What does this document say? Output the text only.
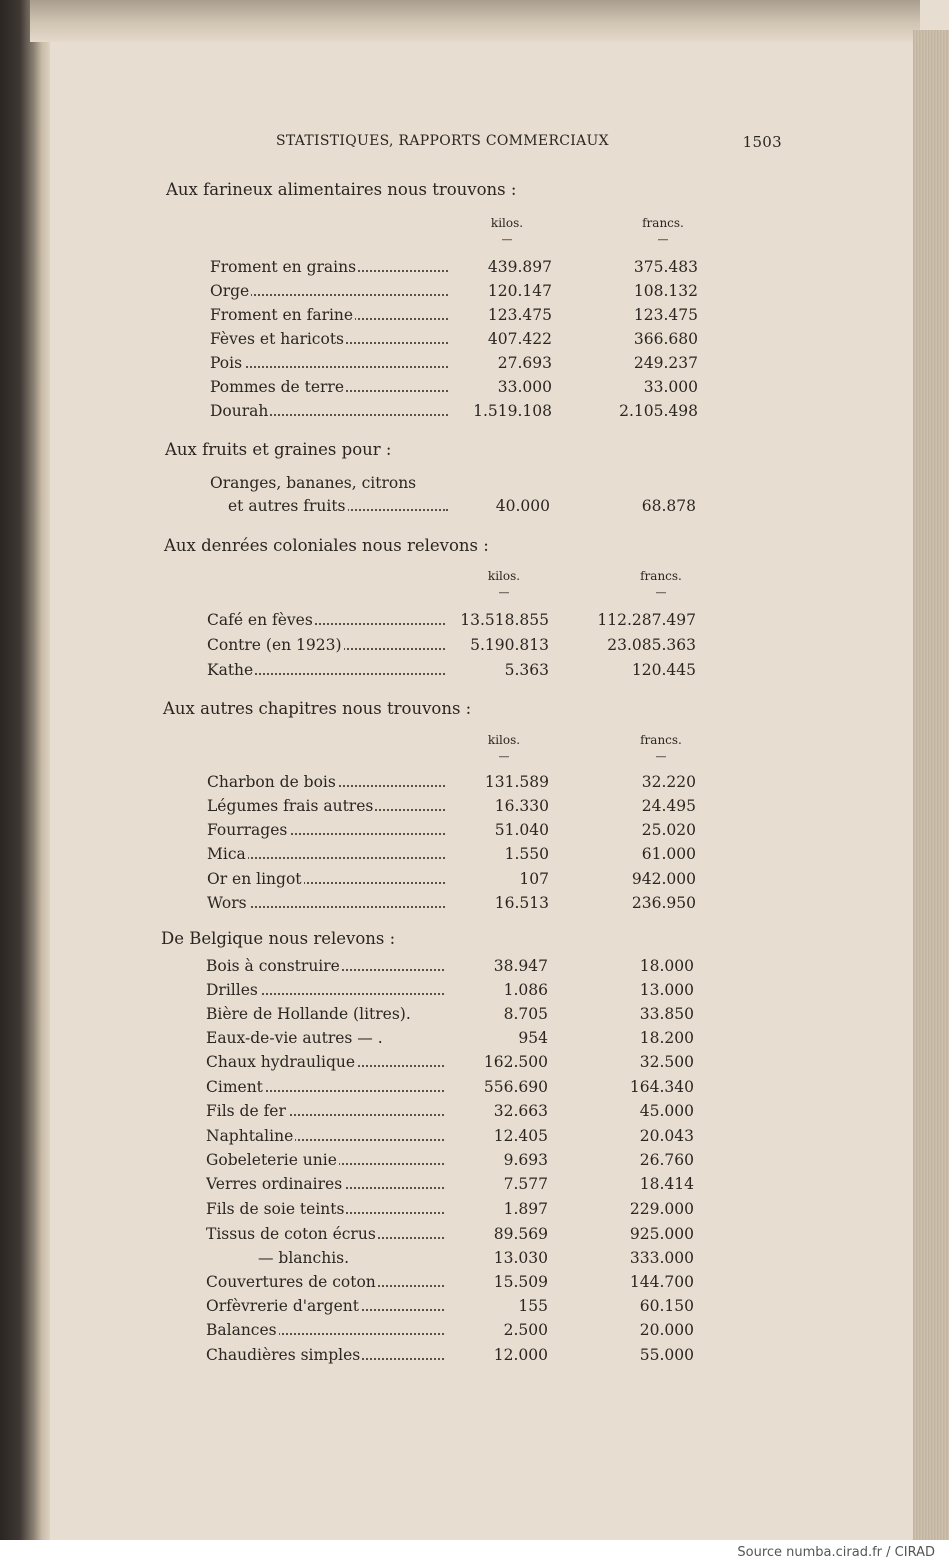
STATISTIQUES, RAPPORTS COMMERCIAUX	1503
Aux farineux alimentaires nous trouvons :
kilos.
—
francs.
—
Froment en grains	439.897	375.483
Orge	120.147	108.132
Froment en farine	123.475	123.475
Fèves et haricots	407.422	366.680
Pois	27.693	249.237
Pommes de terre	33.000	33.000
Dourah	1.519.108	2.105.498
Aux fruits et graines pour :
Oranges, bananes, citrons
et autres fruits	40.000	68.878
Aux denrées coloniales nous relevons :
kilos.
—
francs.
—
Café en fèves	13.518.855	112.287.497
Contre (en 1923)	5.190.813	23.085.363
Kathe	5.363	120.445
Aux autres chapitres nous trouvons :
kilos.
—
francs.
—
Charbon de bois	131.589	32.220
Légumes frais autres	16.330	24.495
Fourrages	51.040	25.020
Mica	1.550	61.000
Or en lingot	107	942.000
Wors	16.513	236.950
De Belgique nous relevons :
Bois à construire	38.947	18.000
Drilles	1.086	13.000
Bière de Hollande (litres).	8.705	33.850
Eaux-de-vie autres — .	954	18.200
Chaux hydraulique	162.500	32.500
Ciment	556.690	164.340
Fils de fer	32.663	45.000
Naphtaline	12.405	20.043
Gobeleterie unie	9.693	26.760
Verres ordinaires	7.577	18.414
Fils de soie teints	1.897	229.000
Tissus de coton écrus	89.569	925.000
— blanchis.	13.030	333.000
Couvertures de coton	15.509	144.700
Orfèvrerie d'argent	155	60.150
Balances	2.500	20.000
Chaudières simples	12.000	55.000
Source numba.cirad.fr / CIRAD
